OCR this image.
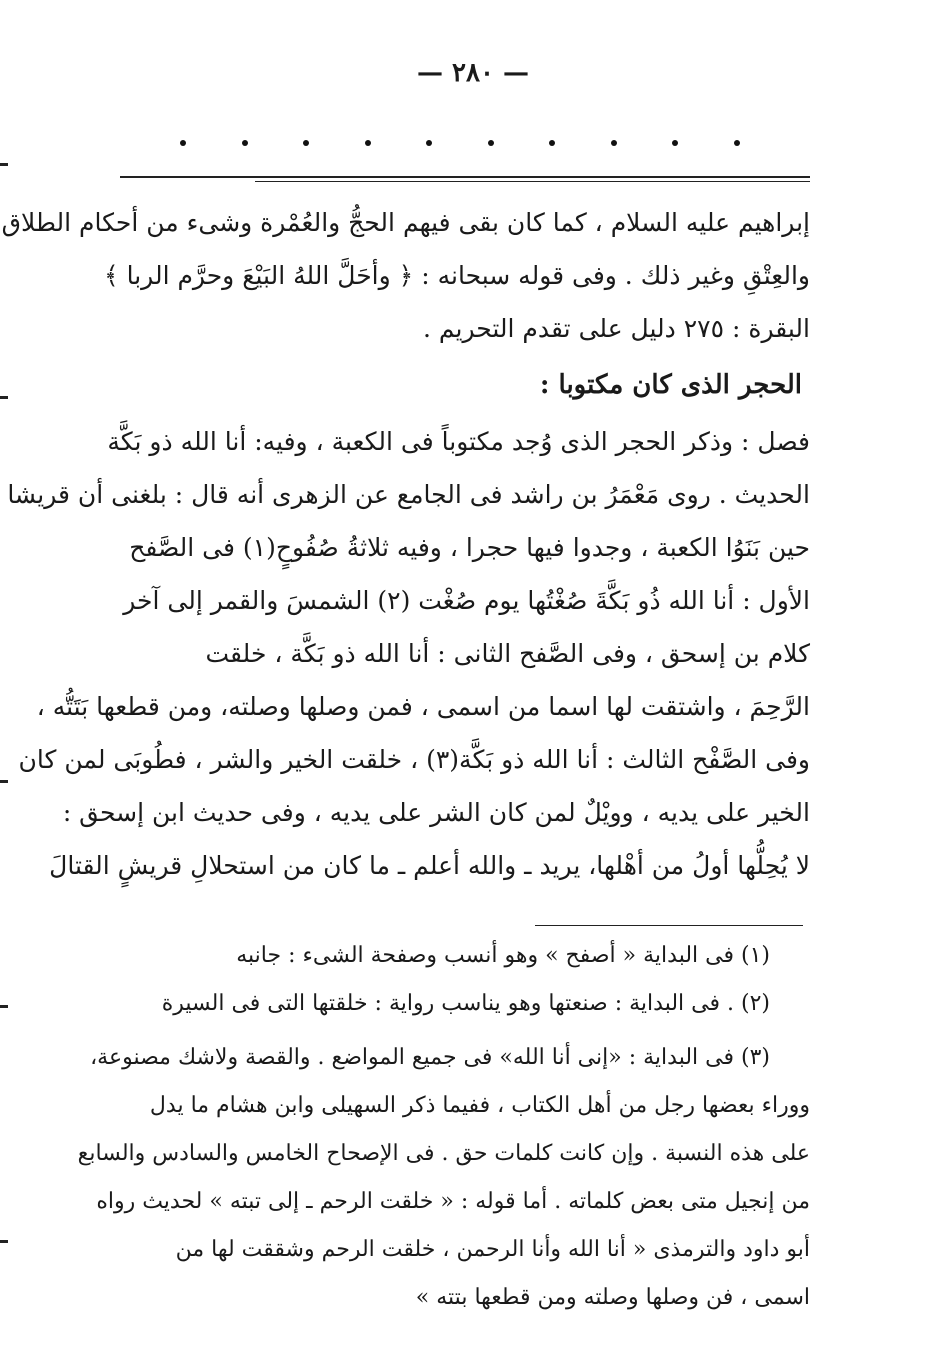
— ٢٨٠ —
إبراهيم عليه السلام ، كما كان بقى فيهم الحجُّ والعُمْرة وشىء من أحكام الطلاق
والعِتْقِ وغير ذلك . وفى قوله سبحانه : ﴿ وأحَلَّ اللهُ البَيْعَ وحرَّم الربا ﴾
البقرة : ٢٧٥ دليل على تقدم التحريم .
الحجر الذى كان مكتوبا :
فصل : وذكر الحجر الذى وُجد مكتوباً فى الكعبة ، وفيه: أنا الله ذو بَكَّة
الحديث . روى مَعْمَرُ بن راشد فى الجامع عن الزهرى أنه قال : بلغنى أن قريشا
حين بَنَوُا الكعبة ، وجدوا فيها حجرا ، وفيه ثلاثةُ صُفُوحٍ(١) فى الصَّفح
الأول : أنا الله ذُو بَكَّةَ صُغْتُها يوم صُغْت (٢) الشمسَ والقمر إلى آخر
كلام بن إسحق ، وفى الصَّفح الثانى : أنا الله ذو بَكَّة ، خلقت
الرَّحِمَ ، واشتقت لها اسما من اسمى ، فمن وصلها وصلته، ومن قطعها بَتَتُّه ،
وفى الصَّفْح الثالث : أنا الله ذو بَكَّة(٣) ، خلقت الخير والشر ، فطُوبَى لمن كان
الخير على يديه ، وويْلٌ لمن كان الشر على يديه ، وفى حديث ابن إسحق :
لا يُحِلُّها أولُ من أهْلها، يريد ـ والله أعلم ـ ما كان من استحلالِ قريشٍ القتالَ
(١) فى البداية « أصفح » وهو أنسب وصفحة الشىء : جانبه
(٢) . فى البداية : صنعتها وهو يناسب رواية : خلقتها التى فى السيرة
(٣) فى البداية : «إنى أنا الله» فى جميع المواضع . والقصة ولاشك مصنوعة،
ووراء بعضها رجل من أهل الكتاب ، ففيما ذكر السهيلى وابن هشام ما يدل
على هذه النسبة . وإن كانت كلمات حق . فى الإصحاح الخامس والسادس والسابع
من إنجيل متى بعض كلماته . أما قوله : « خلقت الرحم ـ إلى تبته » لحديث رواه
أبو داود والترمذى « أنا الله وأنا الرحمن ، خلقت الرحم وشققت لها من
اسمى ، فن وصلها وصلته ومن قطعها بتته »
